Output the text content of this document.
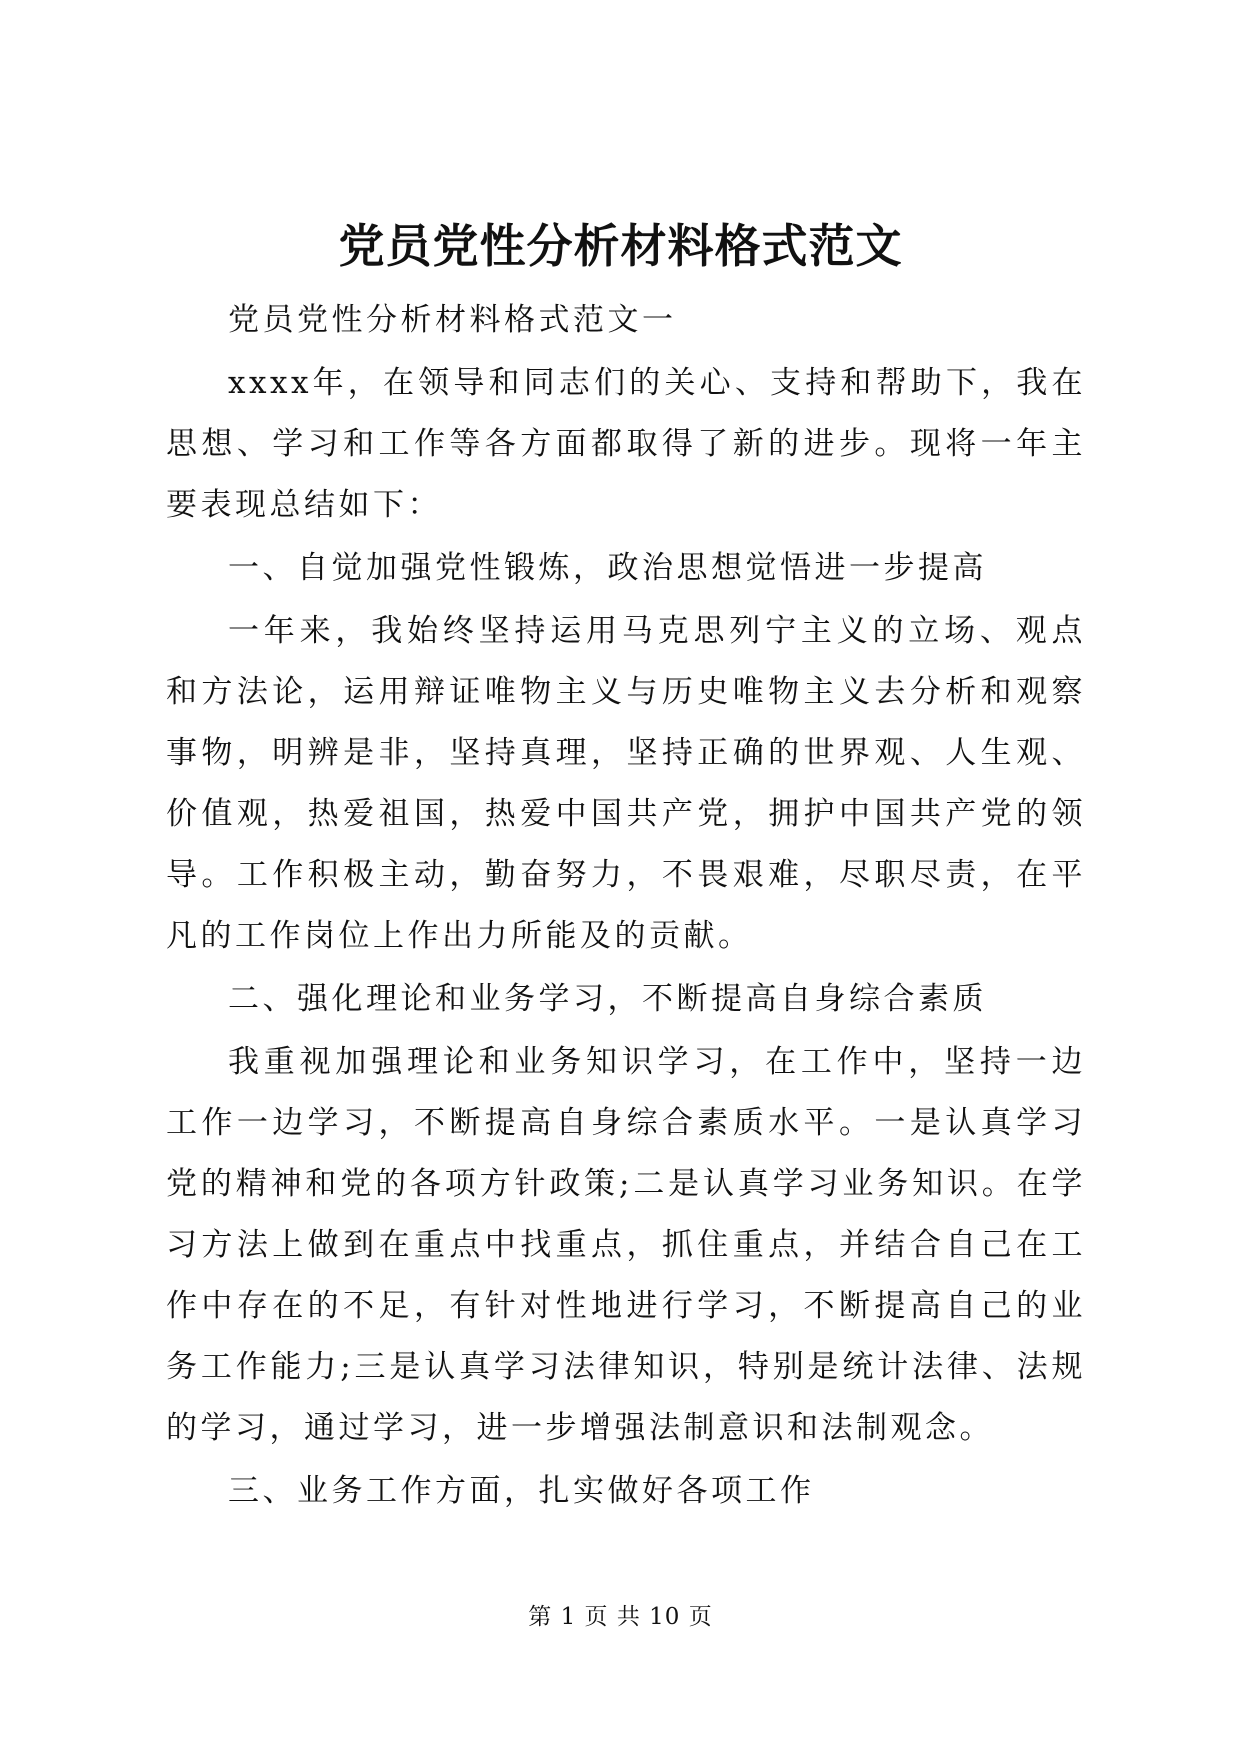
党员党性分析材料格式范文

党员党性分析材料格式范文一

xxxx年，在领导和同志们的关心、支持和帮助下，我在思想、学习和工作等各方面都取得了新的进步。现将一年主要表现总结如下：

一、自觉加强党性锻炼，政治思想觉悟进一步提高

一年来，我始终坚持运用马克思列宁主义的立场、观点和方法论，运用辩证唯物主义与历史唯物主义去分析和观察事物，明辨是非，坚持真理，坚持正确的世界观、人生观、价值观，热爱祖国，热爱中国共产党，拥护中国共产党的领导。工作积极主动，勤奋努力，不畏艰难，尽职尽责，在平凡的工作岗位上作出力所能及的贡献。

二、强化理论和业务学习，不断提高自身综合素质

我重视加强理论和业务知识学习，在工作中，坚持一边工作一边学习，不断提高自身综合素质水平。一是认真学习党的精神和党的各项方针政策;二是认真学习业务知识。在学习方法上做到在重点中找重点，抓住重点，并结合自己在工作中存在的不足，有针对性地进行学习，不断提高自己的业务工作能力;三是认真学习法律知识，特别是统计法律、法规的学习，通过学习，进一步增强法制意识和法制观念。

三、业务工作方面，扎实做好各项工作

第 1 页 共 10 页
